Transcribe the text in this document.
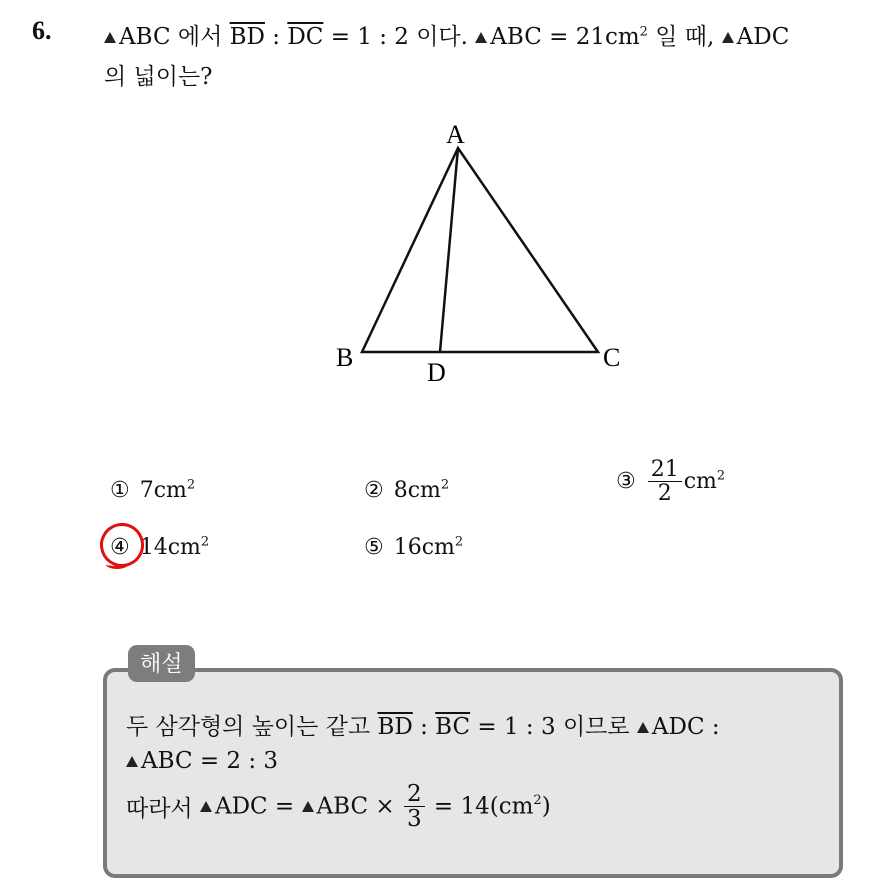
6.	ABC 에서 $\overline{BD}$ : $\overline{DC} = 1$ : 2 이다. ABC = $21cm^2$ 일 때, ADC
의 넓이는?
A
B	C
D
① $7cm^2$	② $8cm^2$	③ $\frac{21}{2} cm^2$
④ $14cm^2$	⑤ $16cm^2$
해설
두 삼각형의 높이는 같고 $\overline{BD}$ : $\overline{BC} = 1$ : 3 이므로 ADC :
ABC = 2 : 3
따라서 ADC = ABC × $\frac{2}{3} = 14(cm^2)$
